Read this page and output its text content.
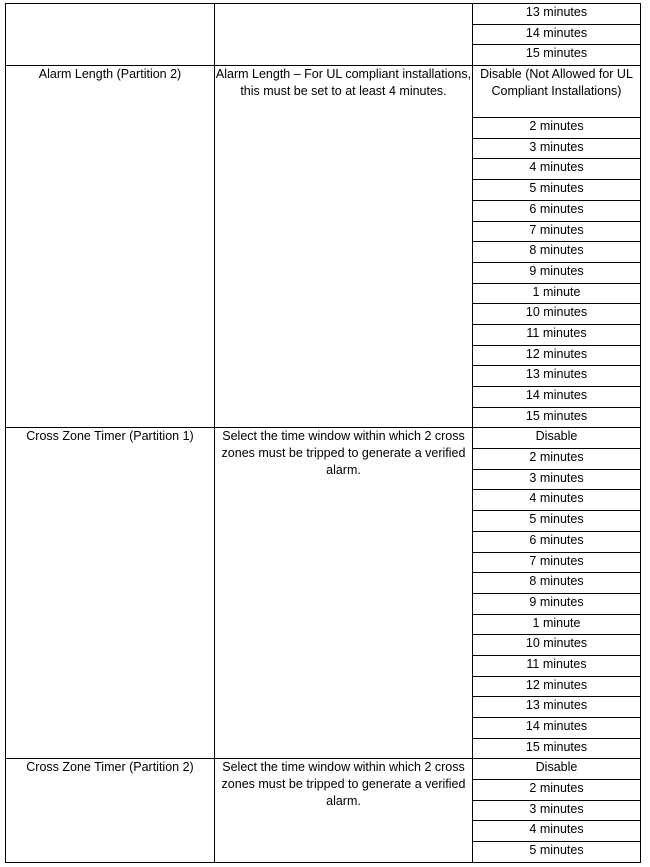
		13 minutes
		14 minutes
		15 minutes
Alarm Length (Partition 2)	Alarm Length – For UL compliant installations, this must be set to at least 4 minutes.	Disable (Not Allowed for UL Compliant Installations)
		2 minutes
		3 minutes
		4 minutes
		5 minutes
		6 minutes
		7 minutes
		8 minutes
		9 minutes
		1 minute
		10 minutes
		11 minutes
		12 minutes
		13 minutes
		14 minutes
		15 minutes
Cross Zone Timer (Partition 1)	Select the time window within which 2 cross zones must be tripped to generate a verified alarm.	Disable
		2 minutes
		3 minutes
		4 minutes
		5 minutes
		6 minutes
		7 minutes
		8 minutes
		9 minutes
		1 minute
		10 minutes
		11 minutes
		12 minutes
		13 minutes
		14 minutes
		15 minutes
Cross Zone Timer (Partition 2)	Select the time window within which 2 cross zones must be tripped to generate a verified alarm.	Disable
		2 minutes
		3 minutes
		4 minutes
		5 minutes
